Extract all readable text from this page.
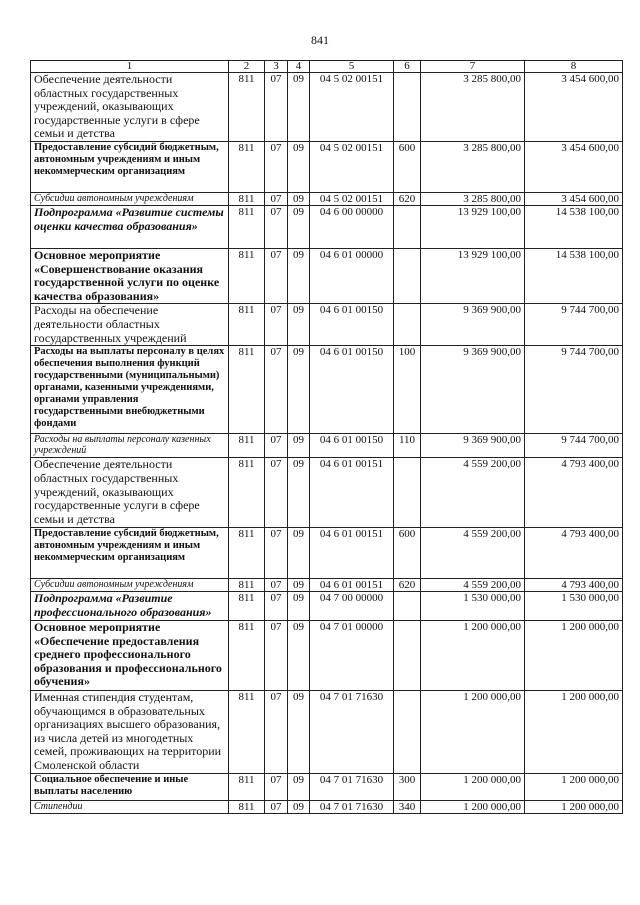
841
1	2	3	4	5	6	7	8
Обеспечение деятельности областных государственных учреждений, оказывающих государственные услуги в сфере семьи и детства	811	07	09	04 5 02 00151		3 285 800,00	3 454 600,00
Предоставление субсидий бюджетным, автономным учреждениям и иным некоммерческим организациям	811	07	09	04 5 02 00151	600	3 285 800,00	3 454 600,00
Субсидии автономным учреждениям	811	07	09	04 5 02 00151	620	3 285 800,00	3 454 600,00
Подпрограмма «Развитие системы оценки качества образования»	811	07	09	04 6 00 00000		13 929 100,00	14 538 100,00
Основное мероприятие «Совершенствование оказания государственной услуги по оценке качества образования»	811	07	09	04 6 01 00000		13 929 100,00	14 538 100,00
Расходы на обеспечение деятельности областных государственных учреждений	811	07	09	04 6 01 00150		9 369 900,00	9 744 700,00
Расходы на выплаты персоналу в целях обеспечения выполнения функций государственными (муниципальными) органами, казенными учреждениями, органами управления государственными внебюджетными фондами	811	07	09	04 6 01 00150	100	9 369 900,00	9 744 700,00
Расходы на выплаты персоналу казенных учреждений	811	07	09	04 6 01 00150	110	9 369 900,00	9 744 700,00
Обеспечение деятельности областных государственных учреждений, оказывающих государственные услуги в сфере семьи и детства	811	07	09	04 6 01 00151		4 559 200,00	4 793 400,00
Предоставление субсидий бюджетным, автономным учреждениям и иным некоммерческим организациям	811	07	09	04 6 01 00151	600	4 559 200,00	4 793 400,00
Субсидии автономным учреждениям	811	07	09	04 6 01 00151	620	4 559 200,00	4 793 400,00
Подпрограмма «Развитие профессионального образования»	811	07	09	04 7 00 00000		1 530 000,00	1 530 000,00
Основное мероприятие «Обеспечение предоставления среднего профессионального образования и профессионального обучения»	811	07	09	04 7 01 00000		1 200 000,00	1 200 000,00
Именная стипендия студентам, обучающимся в образовательных организациях высшего образования, из числа детей из многодетных семей, проживающих на территории Смоленской области	811	07	09	04 7 01 71630		1 200 000,00	1 200 000,00
Социальное обеспечение и иные выплаты населению	811	07	09	04 7 01 71630	300	1 200 000,00	1 200 000,00
Стипендии	811	07	09	04 7 01 71630	340	1 200 000,00	1 200 000,00
